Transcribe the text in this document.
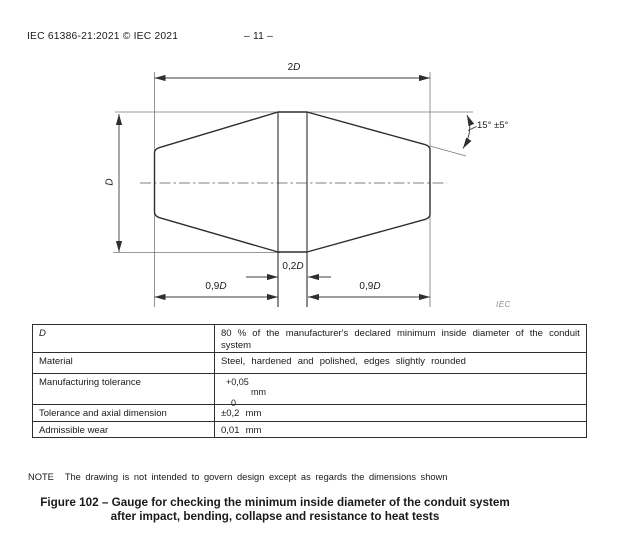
IEC 61386-21:2021 © IEC 2021	– 11 –
2D
D
0,2D
0,9D	0,9D
15° ±5°
IEC
D	80 % of the manufacturer's declared minimum inside diameter of the conduit system
Material	Steel, hardened and polished, edges slightly rounded
Manufacturing tolerance	+0,05
mm
0

Tolerance and axial dimension	±0,2 mm
Admissible wear	0,01 mm
NOTE The drawing is not intended to govern design except as regards the dimensions shown
Figure 102 – Gauge for checking the minimum inside diameter of the conduit system
after impact, bending, collapse and resistance to heat tests
